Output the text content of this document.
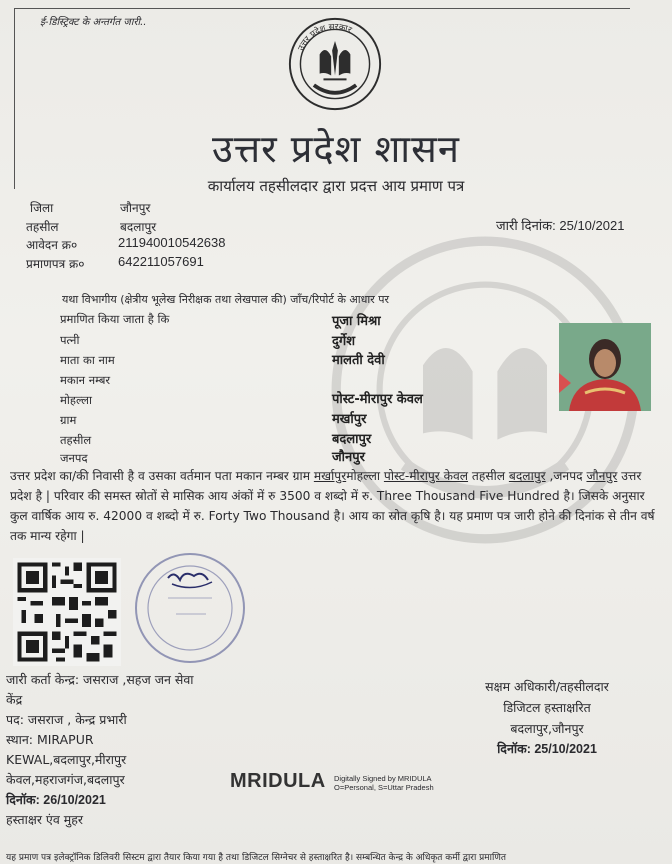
ई-डिस्ट्रिक्ट के अन्तर्गत जारी..
उत्तर प्रदेश सरकार
उत्तर प्रदेश शासन
कार्यालय तहसीलदार द्वारा प्रदत्त आय प्रमाण पत्र
जिला	जौनपुर
तहसील	बदलापुर
आवेदन क्र०	211940010542638
प्रमाणपत्र क्र०	642211057691
जारी दिनांक: 25/10/2021
यथा विभागीय (क्षेत्रीय भूलेख निरीक्षक तथा लेखपाल की) जाँच/रिपोर्ट के आधार पर
प्रमाणित किया जाता है कि	पूजा मिश्रा
पत्नी	दुर्गेश
माता का नाम	मालती देवी
मकान नम्बर
मोहल्ला	पोस्ट-मीरापुर केवल
ग्राम	मर्खापुर
तहसील	बदलापुर
जनपद	जौनपुर
उत्तर प्रदेश का/की निवासी है व उसका वर्तमान पता मकान नम्बर ग्राम मर्खापुरमोहल्ला पोस्ट-मीरापुर केवल तहसील बदलापुर ,जनपद जौनपुर उत्तर प्रदेश है | परिवार की समस्त स्रोतों से मासिक आय अंकों में रु 3500 व शब्दो में रु. Three Thousand Five Hundred है। जिसके अनुसार कुल वार्षिक आय रु. 42000 व शब्दो में रु. Forty Two Thousand है। आय का स्रोत कृषि है। यह प्रमाण पत्र जारी होने की दिनांक से तीन वर्ष तक मान्य रहेगा |
जारी कर्ता केन्द्र: जसराज ,सहज जन सेवा
केंद्र
पद: जसराज , केन्द्र प्रभारी
स्थान: MIRAPUR
KEWAL,बदलापुर,मीरापुर
केवल,महराजगंज,बदलापुर
दिनॉक: 26/10/2021
हस्ताक्षर एंव मुहर
सक्षम अधिकारी/तहसीलदार
डिजिटल हस्ताक्षरित
बदलापुर,जौनपुर
दिनॉक: 25/10/2021
MRIDULA Digitally Signed by MRIDULA O=Personal, S=Uttar Pradesh
यह प्रमाण पत्र इलेक्ट्रॉनिक डिलिवरी सिस्टम द्वारा तैयार किया गया है तथा डिजिटल सिग्नेचर से हस्ताक्षरित है। सम्बन्धित केन्द्र के अधिकृत कर्मी द्वारा प्रमाणित
